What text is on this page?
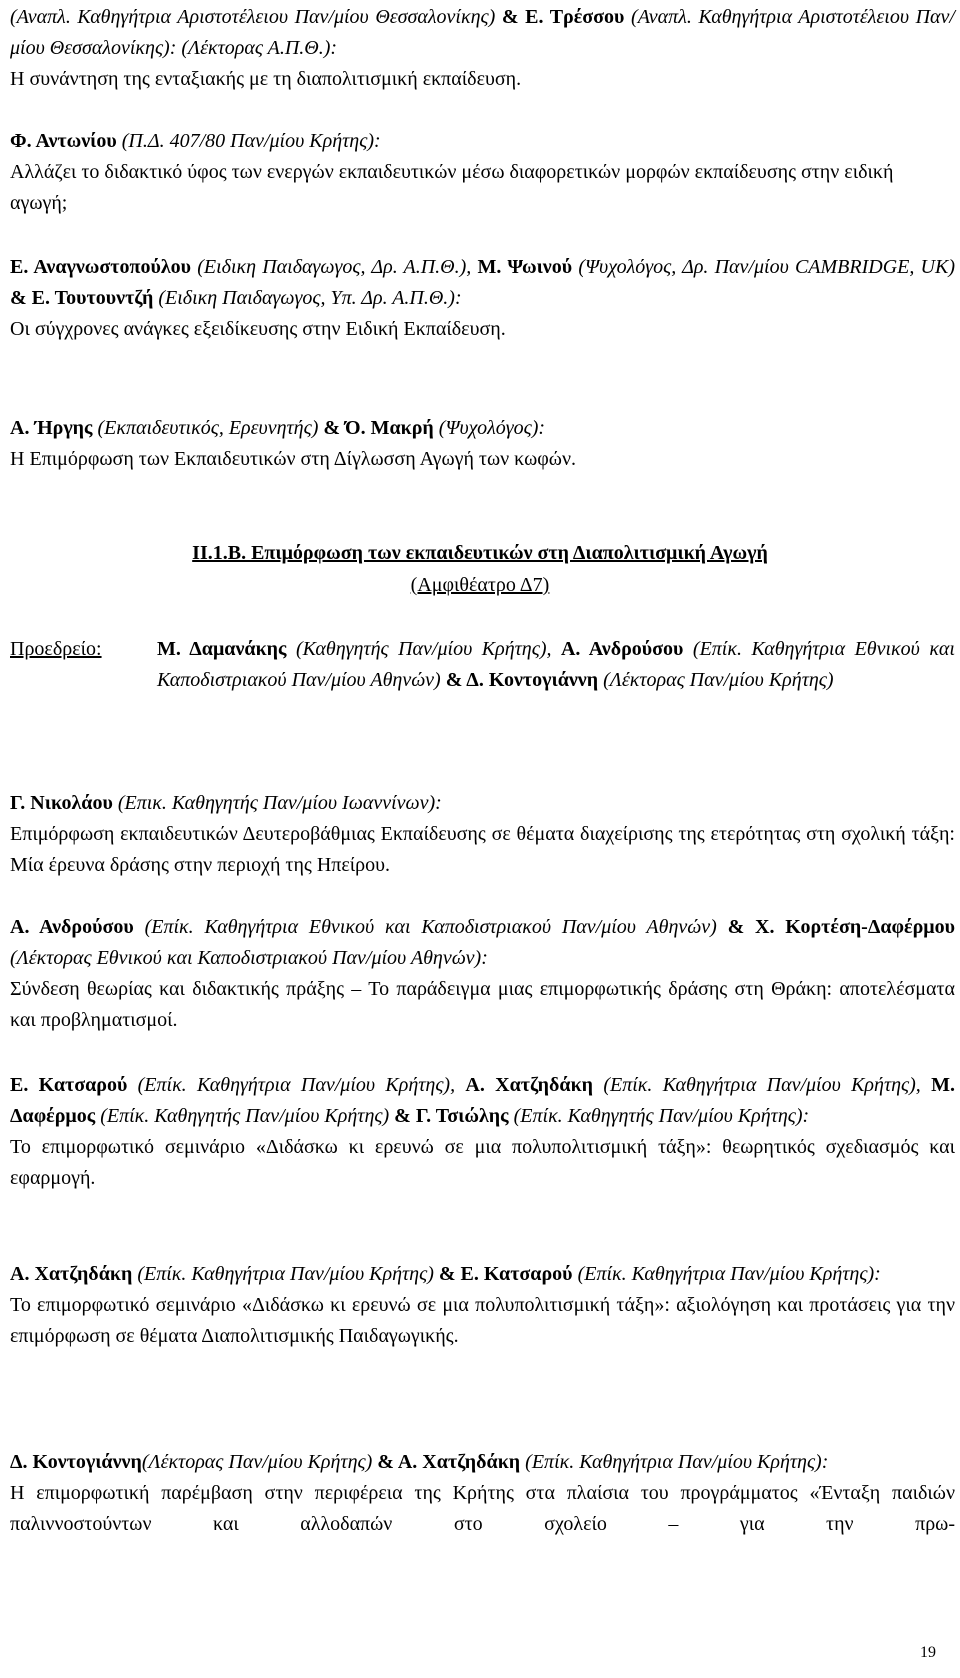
(Αναπλ. Καθηγήτρια Αριστοτέλειου Παν/μίου Θεσσαλονίκης) & Ε. Τρέσσου (Αναπλ. Καθηγήτρια Αριστοτέλειου Παν/μίου Θεσσαλονίκης): (Λέκτορας Α.Π.Θ.):

Η συνάντηση της ενταξιακής με τη διαπολιτισμική εκπαίδευση.

Φ. Αντωνίου (Π.Δ. 407/80 Παν/μίου Κρήτης):

Αλλάζει το διδακτικό ύφος των ενεργών εκπαιδευτικών μέσω διαφορετικών μορφών εκπαίδευσης στην ειδική αγωγή;

Ε. Αναγνωστοπούλου (Ειδικη Παιδαγωγος, Δρ. Α.Π.Θ.), Μ. Ψωινού (Ψυχολόγος, Δρ. Παν/μίου CAMBRIDGE, UK) & Ε. Τουτουντζή (Ειδικη Παιδαγωγος, Υπ. Δρ. Α.Π.Θ.):

Οι σύγχρονες ανάγκες εξειδίκευσης στην Ειδική Εκπαίδευση.

Α. Ήργης (Εκπαιδευτικός, Ερευνητής) & Ό. Μακρή (Ψυχολόγος):

Η Επιμόρφωση των Εκπαιδευτικών στη Δίγλωσση Αγωγή των κωφών.

ΙΙ.1.Β. Επιμόρφωση των εκπαιδευτικών στη Διαπολιτισμική Αγωγή
(Αμφιθέατρο Δ7)
Προεδρείο:	Μ. Δαμανάκης (Καθηγητής Παν/μίου Κρήτης), Α. Ανδρούσου (Επίκ. Καθηγήτρια Εθνικού και Καποδιστριακού Παν/μίου Αθηνών) & Δ. Κοντογιάννη (Λέκτορας Παν/μίου Κρήτης)

Γ. Νικολάου (Επικ. Καθηγητής Παν/μίου Ιωαννίνων):

Επιμόρφωση εκπαιδευτικών Δευτεροβάθμιας Εκπαίδευσης σε θέματα διαχείρισης της ετερότητας στη σχολική τάξη: Μία έρευνα δράσης στην περιοχή της Ηπείρου.

Α. Ανδρούσου (Επίκ. Καθηγήτρια Εθνικού και Καποδιστριακού Παν/μίου Αθηνών) & Χ. Κορτέση-Δαφέρμου (Λέκτορας Εθνικού και Καποδιστριακού Παν/μίου Αθηνών):

Σύνδεση θεωρίας και διδακτικής πράξης – Το παράδειγμα μιας επιμορφωτικής δράσης στη Θράκη: αποτελέσματα και προβληματισμοί.

Ε. Κατσαρού (Επίκ. Καθηγήτρια Παν/μίου Κρήτης), Α. Χατζηδάκη (Επίκ. Καθηγήτρια Παν/μίου Κρήτης), Μ. Δαφέρμος (Επίκ. Καθηγητής Παν/μίου Κρήτης) & Γ. Τσιώλης (Επίκ. Καθηγητής Παν/μίου Κρήτης):

Το επιμορφωτικό σεμινάριο «Διδάσκω κι ερευνώ σε μια πολυπολιτισμική τάξη»: θεωρητικός σχεδιασμός και εφαρμογή.

Α. Χατζηδάκη (Επίκ. Καθηγήτρια Παν/μίου Κρήτης) & Ε. Κατσαρού (Επίκ. Καθηγήτρια Παν/μίου Κρήτης):

Το επιμορφωτικό σεμινάριο «Διδάσκω κι ερευνώ σε μια πολυπολιτισμική τάξη»: αξιολόγηση και προτάσεις για την επιμόρφωση σε θέματα Διαπολιτισμικής Παιδαγωγικής.

Δ. Κοντογιάννη(Λέκτορας Παν/μίου Κρήτης) & Α. Χατζηδάκη (Επίκ. Καθηγήτρια Παν/μίου Κρήτης):

Η επιμορφωτική παρέμβαση στην περιφέρεια της Κρήτης στα πλαίσια του προγράμματος «Ένταξη παιδιών παλιννοστούντων και αλλοδαπών στο σχολείο – για την πρω-

19
